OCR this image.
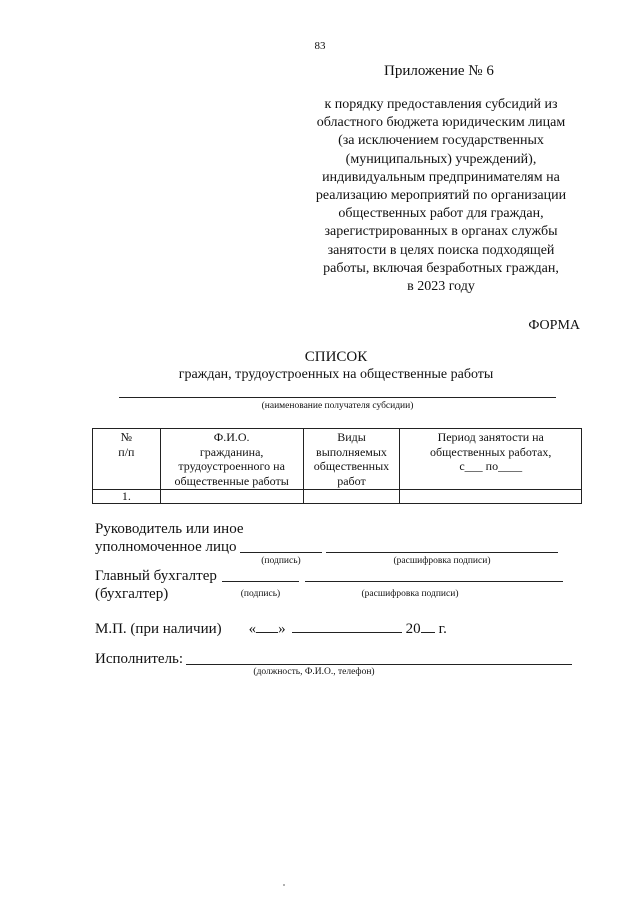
83
Приложение № 6
к порядку предоставления субсидий из
областного бюджета юридическим лицам
(за исключением государственных
(муниципальных) учреждений),
индивидуальным предпринимателям на
реализацию мероприятий по организации
общественных работ для граждан,
зарегистрированных в органах службы
занятости в целях поиска подходящей
работы, включая безработных граждан,
в 2023 году
ФОРМА
СПИСОК
граждан, трудоустроенных на общественные работы
(наименование получателя субсидии)
№
п/п	Ф.И.О.
гражданина,
трудоустроенного на
общественные работы	Виды
выполняемых
общественных
работ	Период занятости на
общественных работах,
с___ по____
1.			
Руководитель или иное
уполномоченное лицо
(подпись)	(расшифровка подписи)
Главный бухгалтер
(бухгалтер)	(подпись)	(расшифровка подписи)
М.П. (при наличии) « »	20 г.
Исполнитель:
(должность, Ф.И.О., телефон)
